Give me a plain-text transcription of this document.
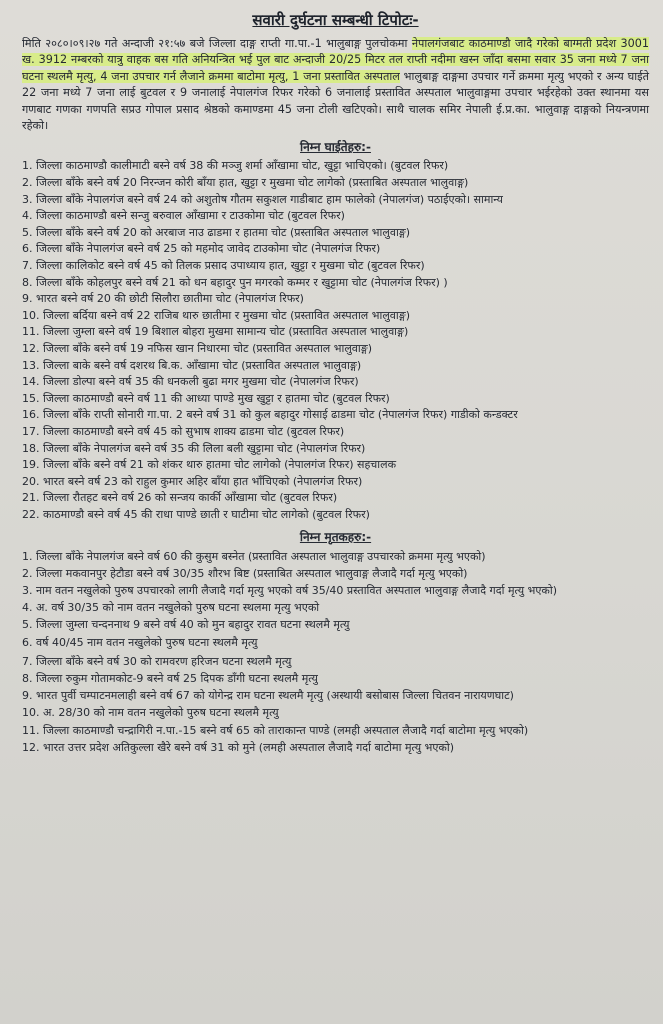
सवारी दुर्घटना सम्बन्धी टिपोटः-

मिति २०८०।०९।२७ गते अन्दाजी २१:५७ बजे जिल्ला दाङ्ग राप्ती गा.पा.-1 भालुबाङ्ग पुलचोकमा नेपालगंजबाट काठमाण्डौ जादै गरेको बाग्मती प्रदेश 3001 ख. 3912 नम्बरको यात्रु वाहक बस गति अनियन्त्रित भई पुल बाट अन्दाजी 20/25 मिटर तल राप्ती नदीमा खस्न जाँदा बसमा सवार 35 जना मध्ये 7 जना घटना स्थलमै मृत्यु, 4 जना उपचार गर्न लैजाने क्रममा बाटोमा मृत्यु, 1 जना प्रस्तावित अस्पताल भालुबाङ्ग दाङ्गमा उपचार गर्ने क्रममा मृत्यु भएको र अन्य घाईते 22 जना मध्ये 7 जना लाई बुटवल र 9 जनालाई नेपालगंज रिफर गरेको 6 जनालाई प्रस्तावित अस्पताल भालुवाङ्गमा उपचार भईरहेको उक्त स्थानमा यस गणबाट गणका गणपति सप्रउ गोपाल प्रसाद श्रेष्ठको कमाण्डमा 45 जना टोली खटिएको। साथै चालक समिर नेपाली ई.प्र.का. भालुवाङ्ग दाङ्गको नियन्त्रणमा रहेको।

निम्न घाईतेहरु:-
1. जिल्ला काठमाण्डौ कालीमाटी बस्ने वर्ष 38 की मञ्जु शर्मा आँखामा चोट, खुट्टा भाचिएको। (बुटवल रिफर)
2. जिल्ला बाँके बस्ने वर्ष 20 निरन्जन कोरी बाँया हात, खुट्टा र मुखमा चोट लागेको (प्रस्ताबित अस्पताल भालुवाङ्ग)
3. जिल्ला बाँके नेपालगंज बस्ने वर्ष 24 को अशुतोष गौतम सकुशल गाडीबाट हाम फालेको (नेपालगंज) पठाईएको। सामान्य
4. जिल्ला काठमाण्डौ बस्ने सन्जु बरुवाल आँखामा र टाउकोमा चोट (बुटवल रिफर)
5. जिल्ला बाँके बस्ने वर्ष 20 को अरबाज नाउ ढाडमा र हातमा चोट (प्रस्ताबित अस्पताल भालुवाङ्ग)
6. जिल्ला बाँके नेपालगंज बस्ने वर्ष 25 को महमोद जावेद टाउकोमा चोट (नेपालगंज रिफर)
7. जिल्ला कालिकोट बस्ने वर्ष 45 को तिलक प्रसाद उपाध्याय हात, खुट्टा र मुखमा चोट (बुटवल रिफर)
8. जिल्ला बाँके कोहलपुर बस्ने वर्ष 21 को धन बहादुर पुन मगरको कम्मर र खुट्टामा चोट (नेपालगंज रिफर) )
9. भारत बस्ने वर्ष 20 की छोटी सिलौरा छातीमा चोट (नेपालगंज रिफर)
10. जिल्ला बर्दिया बस्ने वर्ष 22 राजिब थारु छातीमा र मुखमा चोट (प्रस्तावित अस्पताल भालुवाङ्ग)
11. जिल्ला जुम्ला बस्ने वर्ष 19 बिशाल बोहरा मुखमा सामान्य चोट (प्रस्तावित अस्पताल भालुवाङ्ग)
12. जिल्ला बाँके बस्ने वर्ष 19 नफिस खान निधारमा चोट (प्रस्तावित अस्पताल भालुवाङ्ग)
13. जिल्ला बाके बस्ने वर्ष दशरथ बि.क. आँखामा चोट (प्रस्तावित अस्पताल भालुवाङ्ग)
14. जिल्ला डोल्पा बस्ने वर्ष 35 की धनकली बुढा मगर मुखमा चोट (नेपालगंज रिफर)
15. जिल्ला काठमाण्डौ बस्ने वर्ष 11 की आध्या पाण्डे मुख खुट्टा र हातमा चोट (बुटवल रिफर)
16. जिल्ला बाँके राप्ती सोनारी गा.पा. 2 बस्ने वर्ष 31 को कुल बहादुर गोसाई ढाडमा चोट (नेपालगंज रिफर) गाडीको कन्डक्टर
17. जिल्ला काठमाण्डौ बस्ने वर्ष 45 को सुभाष शाक्य ढाडमा चोट (बुटवल रिफर)
18. जिल्ला बाँके नेपालगंज बस्ने वर्ष 35 की लिला बली खुट्टामा चोट (नेपालगंज रिफर)
19. जिल्ला बाँके बस्ने वर्ष 21 को शंकर थारु हातमा चोट लागेको (नेपालगंज रिफर) सहचालक
20. भारत बस्ने वर्ष 23 को राहुल कुमार अहिर बाँया हात भाँचिएको (नेपालगंज रिफर)
21. जिल्ला रौतहट बस्ने वर्ष 26 को सन्जय कार्की आँखामा चोट (बुटवल रिफर)
22. काठमाण्डौ बस्ने वर्ष 45 की राधा पाण्डे छाती र घाटीमा चोट लागेको (बुटवल रिफर)
निम्न मृतकहरु:-
1. जिल्ला बाँके नेपालगंज बस्ने वर्ष 60 की कुसुम बस्नेत (प्रस्तावित अस्पताल भालुवाङ्ग उपचारको क्रममा मृत्यु भएको)
2. जिल्ला मकवानपुर हेटौडा बस्ने वर्ष 30/35 शौरभ बिष्ट (प्रस्ताबित अस्पताल भालुवाङ्ग लैजादै गर्दा मृत्यु भएको)
3. नाम वतन नखुलेको पुरुष उपचारको लागी लैजादै गर्दा मृत्यु भएको वर्ष 35/40 प्रस्तावित अस्पताल भालुवाङ्ग लैजादै गर्दा मृत्यु भएको)
4. अ. वर्ष 30/35 को नाम वतन नखुलेको पुरुष घटना स्थलमा मृत्यु भएको
5. जिल्ला जुम्ला चन्दननाथ 9 बस्ने वर्ष 40 को मुन बहादुर रावत घटना स्थलमै मृत्यु
6. वर्ष 40/45 नाम वतन नखुलेको पुरुष घटना स्थलमै मृत्यु
7. जिल्ला बाँके बस्ने वर्ष 30 को रामवरण हरिजन घटना स्थलमै मृत्यु
8. जिल्ला रुकुम गोतामकोट-9 बस्ने वर्ष 25 दिपक डाँगी घटना स्थलमै मृत्यु
9. भारत पुर्वी चम्पाटनमलाही बस्ने वर्ष 67 को योगेन्द्र राम घटना स्थलमै मृत्यु (अस्थायी बसोबास जिल्ला चितवन नारायणघाट)
10. अ. 28/30 को नाम वतन नखुलेको पुरुष घटना स्थलमै मृत्यु
11. जिल्ला काठमाण्डौ चन्द्रागिरी न.पा.-15 बस्ने वर्ष 65 को ताराकान्त पाण्डे (लमही अस्पताल लैजादै गर्दा बाटोमा मृत्यु भएको)
12. भारत उत्तर प्रदेश अतिकुल्ला खैरे बस्ने वर्ष 31 को मुने (लमही अस्पताल लैजादै गर्दा बाटोमा मृत्यु भएको)
